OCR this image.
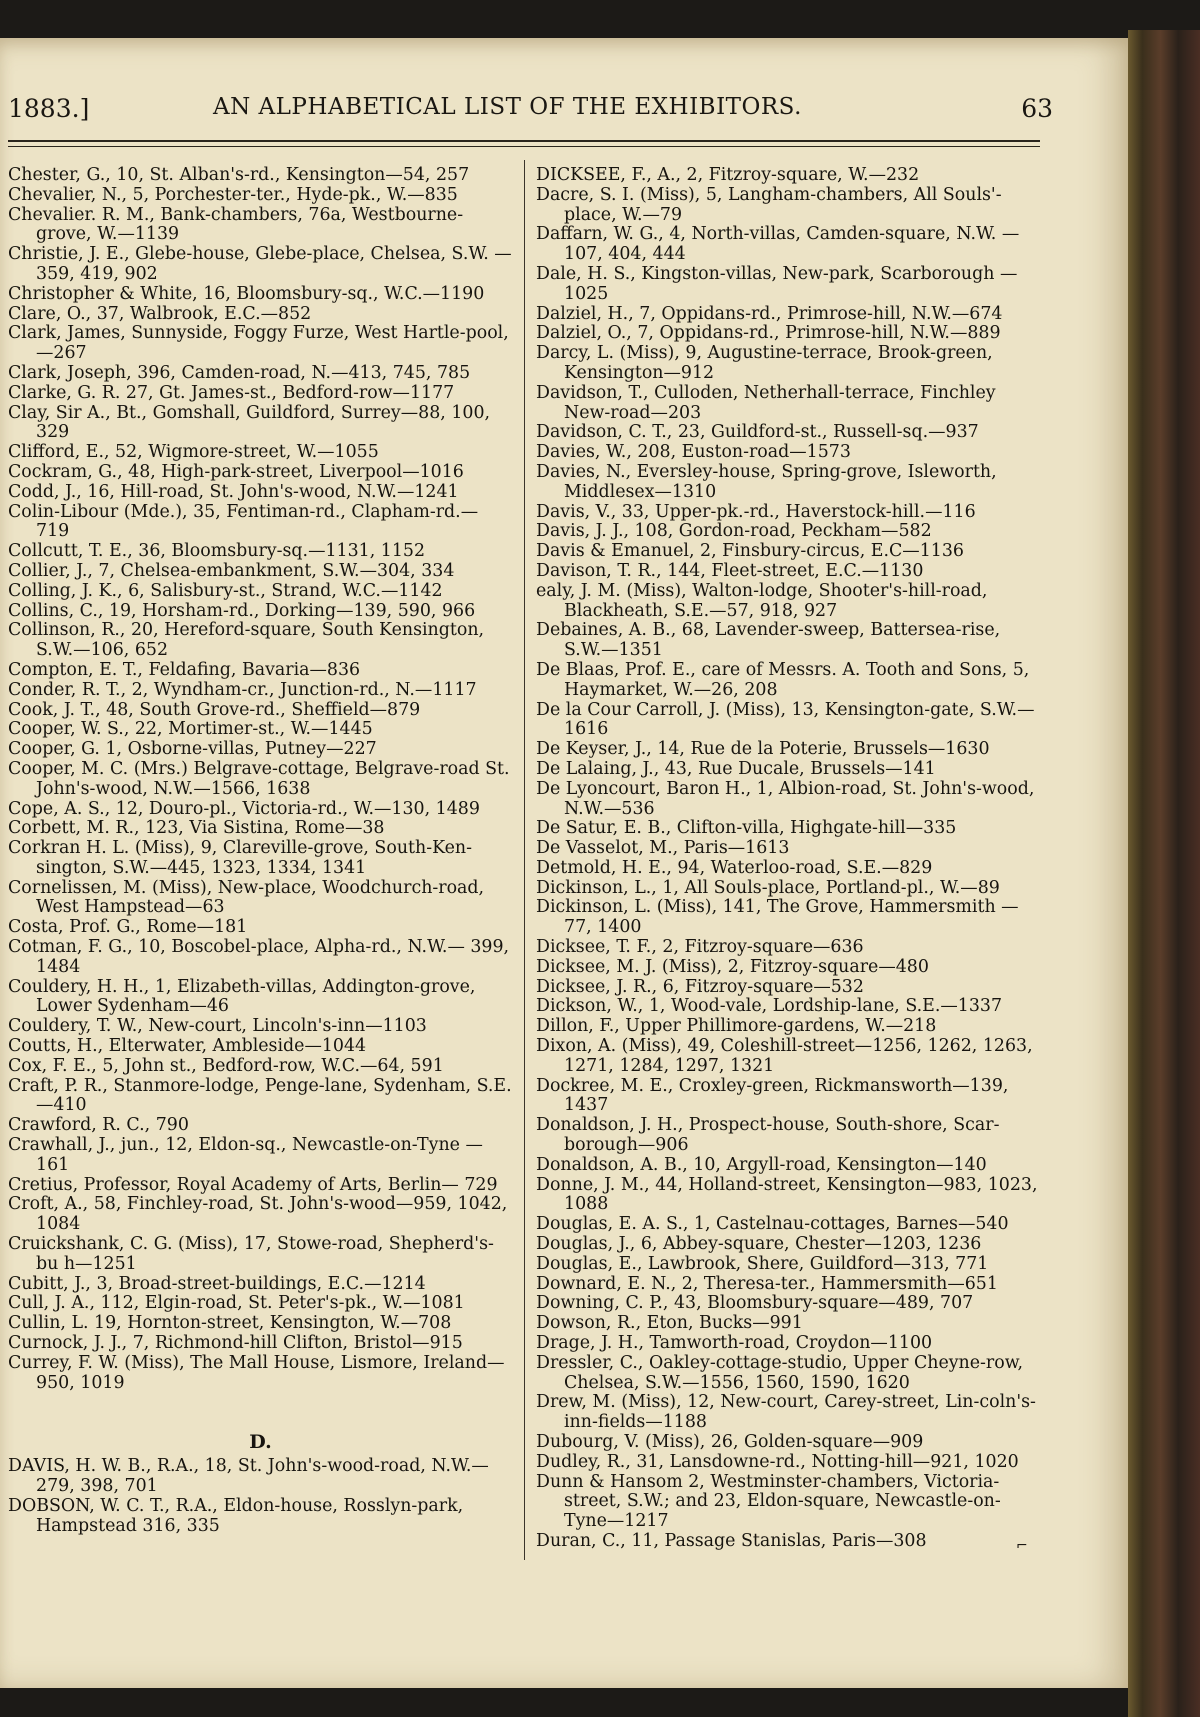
1883.]	AN ALPHABETICAL LIST OF THE EXHIBITORS.	63
Chester, G., 10, St. Alban's-rd., Kensington—54, 257
Chevalier, N., 5, Porchester-ter., Hyde-pk., W.—835
Chevalier. R. M., Bank-chambers, 76a, Westbourne-grove, W.—1139
Christie, J. E., Glebe-house, Glebe-place, Chelsea, S.W. —359, 419, 902
Christopher & White, 16, Bloomsbury-sq., W.C.—1190
Clare, O., 37, Walbrook, E.C.—852
Clark, James, Sunnyside, Foggy Furze, West Hartle-pool,—267
Clark, Joseph, 396, Camden-road, N.—413, 745, 785
Clarke, G. R. 27, Gt. James-st., Bedford-row—1177
Clay, Sir A., Bt., Gomshall, Guildford, Surrey—88, 100, 329
Clifford, E., 52, Wigmore-street, W.—1055
Cockram, G., 48, High-park-street, Liverpool—1016
Codd, J., 16, Hill-road, St. John's-wood, N.W.—1241
Colin-Libour (Mde.), 35, Fentiman-rd., Clapham-rd.— 719
Collcutt, T. E., 36, Bloomsbury-sq.—1131, 1152
Collier, J., 7, Chelsea-embankment, S.W.—304, 334
Colling, J. K., 6, Salisbury-st., Strand, W.C.—1142
Collins, C., 19, Horsham-rd., Dorking—139, 590, 966
Collinson, R., 20, Hereford-square, South Kensington, S.W.—106, 652
Compton, E. T., Feldafing, Bavaria—836
Conder, R. T., 2, Wyndham-cr., Junction-rd., N.—1117
Cook, J. T., 48, South Grove-rd., Sheffield—879
Cooper, W. S., 22, Mortimer-st., W.—1445
Cooper, G. 1, Osborne-villas, Putney—227
Cooper, M. C. (Mrs.) Belgrave-cottage, Belgrave-road St. John's-wood, N.W.—1566, 1638
Cope, A. S., 12, Douro-pl., Victoria-rd., W.—130, 1489
Corbett, M. R., 123, Via Sistina, Rome—38
Corkran H. L. (Miss), 9, Clareville-grove, South-Ken-sington, S.W.—445, 1323, 1334, 1341
Cornelissen, M. (Miss), New-place, Woodchurch-road, West Hampstead—63
Costa, Prof. G., Rome—181
Cotman, F. G., 10, Boscobel-place, Alpha-rd., N.W.— 399, 1484
Couldery, H. H., 1, Elizabeth-villas, Addington-grove, Lower Sydenham—46
Couldery, T. W., New-court, Lincoln's-inn—1103
Coutts, H., Elterwater, Ambleside—1044
Cox, F. E., 5, John st., Bedford-row, W.C.—64, 591
Craft, P. R., Stanmore-lodge, Penge-lane, Sydenham, S.E.—410
Crawford, R. C., 790
Crawhall, J., jun., 12, Eldon-sq., Newcastle-on-Tyne —161
Cretius, Professor, Royal Academy of Arts, Berlin— 729
Croft, A., 58, Finchley-road, St. John's-wood—959, 1042, 1084
Cruickshank, C. G. (Miss), 17, Stowe-road, Shepherd's-bu h—1251
Cubitt, J., 3, Broad-street-buildings, E.C.—1214
Cull, J. A., 112, Elgin-road, St. Peter's-pk., W.—1081
Cullin, L. 19, Hornton-street, Kensington, W.—708
Curnock, J. J., 7, Richmond-hill Clifton, Bristol—915
Currey, F. W. (Miss), The Mall House, Lismore, Ireland—950, 1019
D.
DAVIS, H. W. B., R.A., 18, St. John's-wood-road, N.W.—279, 398, 701
DOBSON, W. C. T., R.A., Eldon-house, Rosslyn-park, Hampstead 316, 335
DICKSEE, F., A., 2, Fitzroy-square, W.—232
Dacre, S. I. (Miss), 5, Langham-chambers, All Souls'-place, W.—79
Daffarn, W. G., 4, North-villas, Camden-square, N.W. —107, 404, 444
Dale, H. S., Kingston-villas, New-park, Scarborough —1025
Dalziel, H., 7, Oppidans-rd., Primrose-hill, N.W.—674
Dalziel, O., 7, Oppidans-rd., Primrose-hill, N.W.—889
Darcy, L. (Miss), 9, Augustine-terrace, Brook-green, Kensington—912
Davidson, T., Culloden, Netherhall-terrace, Finchley New-road—203
Davidson, C. T., 23, Guildford-st., Russell-sq.—937
Davies, W., 208, Euston-road—1573
Davies, N., Eversley-house, Spring-grove, Isleworth, Middlesex—1310
Davis, V., 33, Upper-pk.-rd., Haverstock-hill.—116
Davis, J. J., 108, Gordon-road, Peckham—582
Davis & Emanuel, 2, Finsbury-circus, E.C—1136
Davison, T. R., 144, Fleet-street, E.C.—1130
ealy, J. M. (Miss), Walton-lodge, Shooter's-hill-road, Blackheath, S.E.—57, 918, 927
Debaines, A. B., 68, Lavender-sweep, Battersea-rise, S.W.—1351
De Blaas, Prof. E., care of Messrs. A. Tooth and Sons, 5, Haymarket, W.—26, 208
De la Cour Carroll, J. (Miss), 13, Kensington-gate, S.W.—1616
De Keyser, J., 14, Rue de la Poterie, Brussels—1630
De Lalaing, J., 43, Rue Ducale, Brussels—141
De Lyoncourt, Baron H., 1, Albion-road, St. John's-wood, N.W.—536
De Satur, E. B., Clifton-villa, Highgate-hill—335
De Vasselot, M., Paris—1613
Detmold, H. E., 94, Waterloo-road, S.E.—829
Dickinson, L., 1, All Souls-place, Portland-pl., W.—89
Dickinson, L. (Miss), 141, The Grove, Hammersmith —77, 1400
Dicksee, T. F., 2, Fitzroy-square—636
Dicksee, M. J. (Miss), 2, Fitzroy-square—480
Dicksee, J. R., 6, Fitzroy-square—532
Dickson, W., 1, Wood-vale, Lordship-lane, S.E.—1337
Dillon, F., Upper Phillimore-gardens, W.—218
Dixon, A. (Miss), 49, Coleshill-street—1256, 1262, 1263, 1271, 1284, 1297, 1321
Dockree, M. E., Croxley-green, Rickmansworth—139, 1437
Donaldson, J. H., Prospect-house, South-shore, Scar-borough—906
Donaldson, A. B., 10, Argyll-road, Kensington—140
Donne, J. M., 44, Holland-street, Kensington—983, 1023, 1088
Douglas, E. A. S., 1, Castelnau-cottages, Barnes—540
Douglas, J., 6, Abbey-square, Chester—1203, 1236
Douglas, E., Lawbrook, Shere, Guildford—313, 771
Downard, E. N., 2, Theresa-ter., Hammersmith—651
Downing, C. P., 43, Bloomsbury-square—489, 707
Dowson, R., Eton, Bucks—991
Drage, J. H., Tamworth-road, Croydon—1100
Dressler, C., Oakley-cottage-studio, Upper Cheyne-row, Chelsea, S.W.—1556, 1560, 1590, 1620
Drew, M. (Miss), 12, New-court, Carey-street, Lin-coln's-inn-fields—1188
Dubourg, V. (Miss), 26, Golden-square—909
Dudley, R., 31, Lansdowne-rd., Notting-hill—921, 1020
Dunn & Hansom 2, Westminster-chambers, Victoria-street, S.W.; and 23, Eldon-square, Newcastle-on-Tyne—1217
Duran, C., 11, Passage Stanislas, Paris—308	⌐
